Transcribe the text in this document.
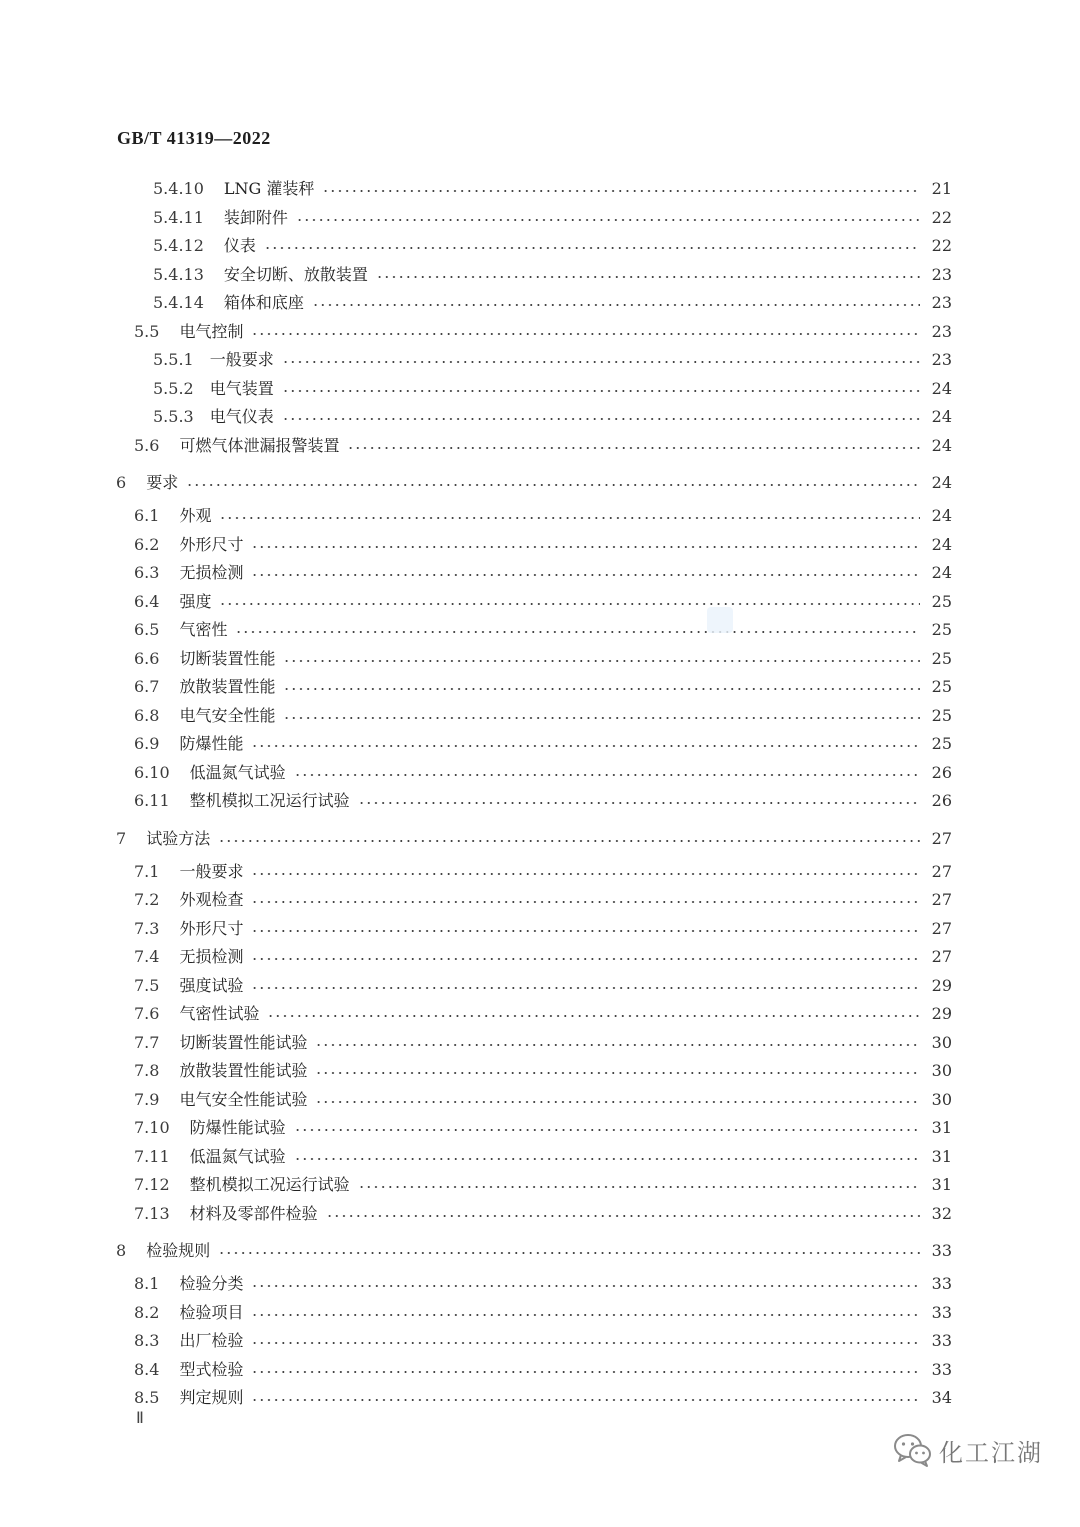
GB/T 41319—2022
5.4.10 LNG 灌装秤	21
5.4.11 装卸附件	22
5.4.12 仪表	22
5.4.13 安全切断、放散装置	23
5.4.14 箱体和底座	23
5.5 电气控制	23
5.5.1 一般要求	23
5.5.2 电气装置	24
5.5.3 电气仪表	24
5.6 可燃气体泄漏报警装置	24
6 要求	24
6.1 外观	24
6.2 外形尺寸	24
6.3 无损检测	24
6.4 强度	25
6.5 气密性	25
6.6 切断装置性能	25
6.7 放散装置性能	25
6.8 电气安全性能	25
6.9 防爆性能	25
6.10 低温氮气试验	26
6.11 整机模拟工况运行试验	26
7 试验方法	27
7.1 一般要求	27
7.2 外观检查	27
7.3 外形尺寸	27
7.4 无损检测	27
7.5 强度试验	29
7.6 气密性试验	29
7.7 切断装置性能试验	30
7.8 放散装置性能试验	30
7.9 电气安全性能试验	30
7.10 防爆性能试验	31
7.11 低温氮气试验	31
7.12 整机模拟工况运行试验	31
7.13 材料及零部件检验	32
8 检验规则	33
8.1 检验分类	33
8.2 检验项目	33
8.3 出厂检验	33
8.4 型式检验	33
8.5 判定规则	34
Ⅱ
化工江湖
